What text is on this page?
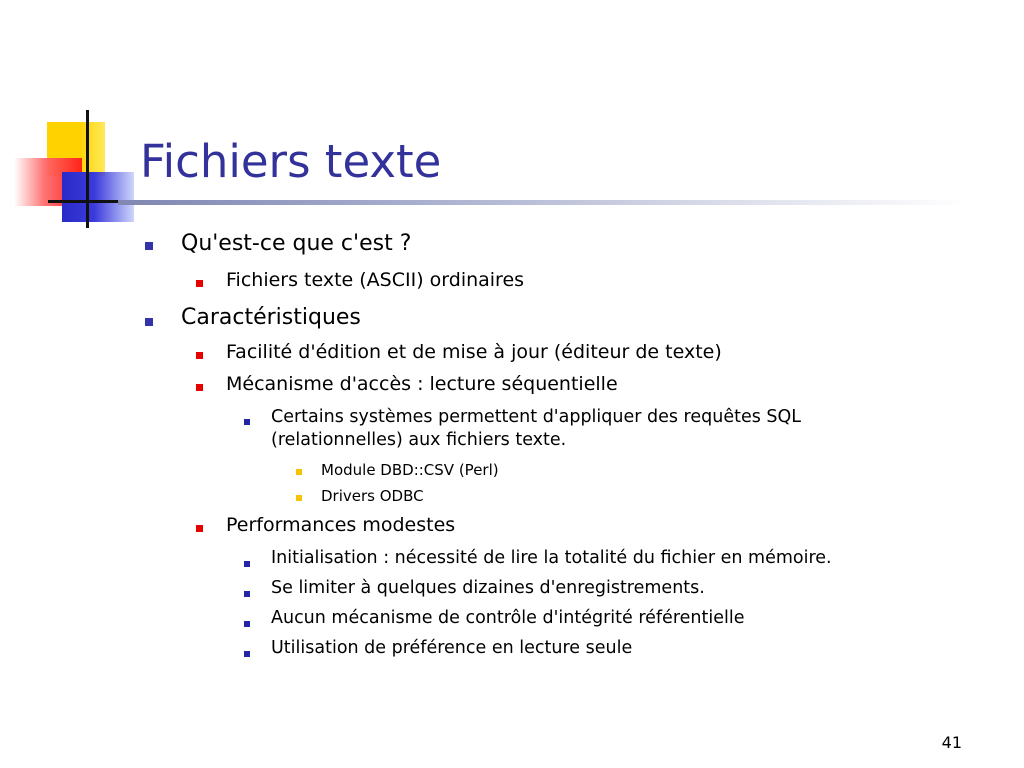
Fichiers texte
Qu'est-ce que c'est ?
Fichiers texte (ASCII) ordinaires
Caractéristiques
Facilité d'édition et de mise à jour (éditeur de texte)
Mécanisme d'accès : lecture séquentielle
Certains systèmes permettent d'appliquer des requêtes SQL
(relationnelles) aux fichiers texte.
Module DBD::CSV (Perl)
Drivers ODBC
Performances modestes
Initialisation : nécessité de lire la totalité du fichier en mémoire.
Se limiter à quelques dizaines d'enregistrements.
Aucun mécanisme de contrôle d'intégrité référentielle
Utilisation de préférence en lecture seule
41
